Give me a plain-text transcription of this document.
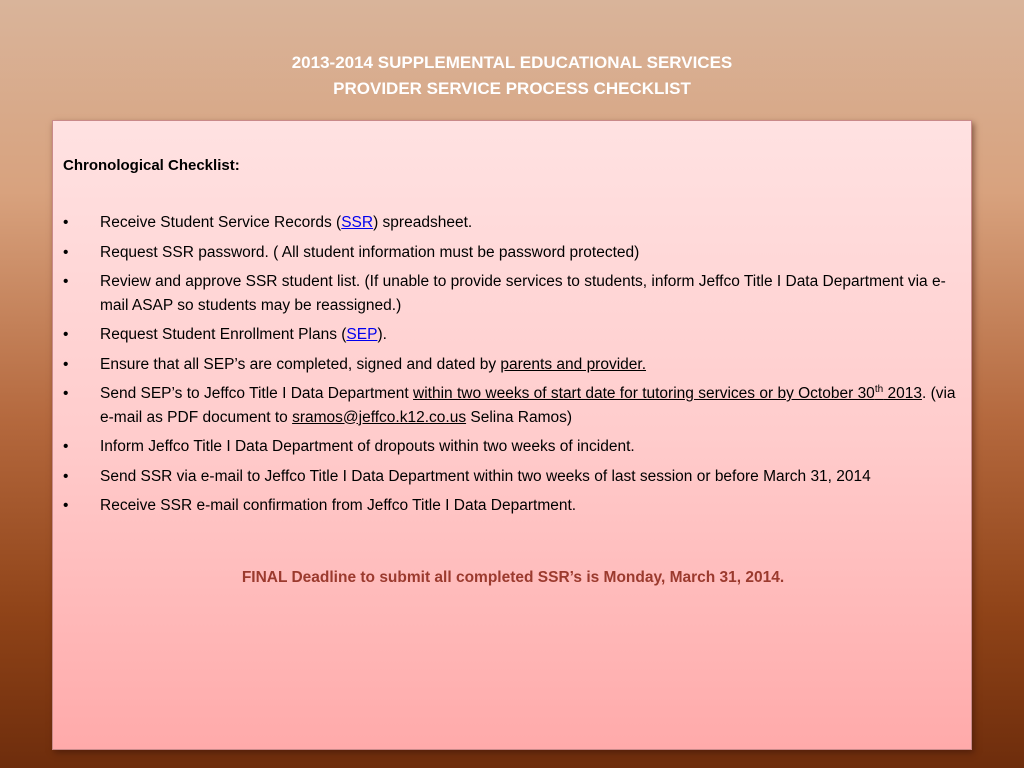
2013-2014 SUPPLEMENTAL EDUCATIONAL SERVICES
PROVIDER SERVICE PROCESS CHECKLIST
Chronological Checklist:
•	Receive Student Service Records (SSR) spreadsheet.
•	Request SSR password. ( All student information must be password protected)
•	Review and approve SSR student list. (If unable to provide services to students, inform Jeffco Title I Data Department via e-mail ASAP so students may be reassigned.)
•	Request Student Enrollment Plans (SEP).
•	Ensure that all SEP’s are completed, signed and dated by parents and provider.
•	Send SEP’s to Jeffco Title I Data Department within two weeks of start date for tutoring services or by October 30th 2013. (via e-mail as PDF document to sramos@jeffco.k12.co.us Selina Ramos)
•	Inform Jeffco Title I Data Department of dropouts within two weeks of incident.
•	Send SSR via e-mail to Jeffco Title I Data Department within two weeks of last session or before March 31, 2014
•	Receive SSR e-mail confirmation from Jeffco Title I Data Department.
FINAL Deadline to submit all completed SSR’s is Monday, March 31, 2014.
